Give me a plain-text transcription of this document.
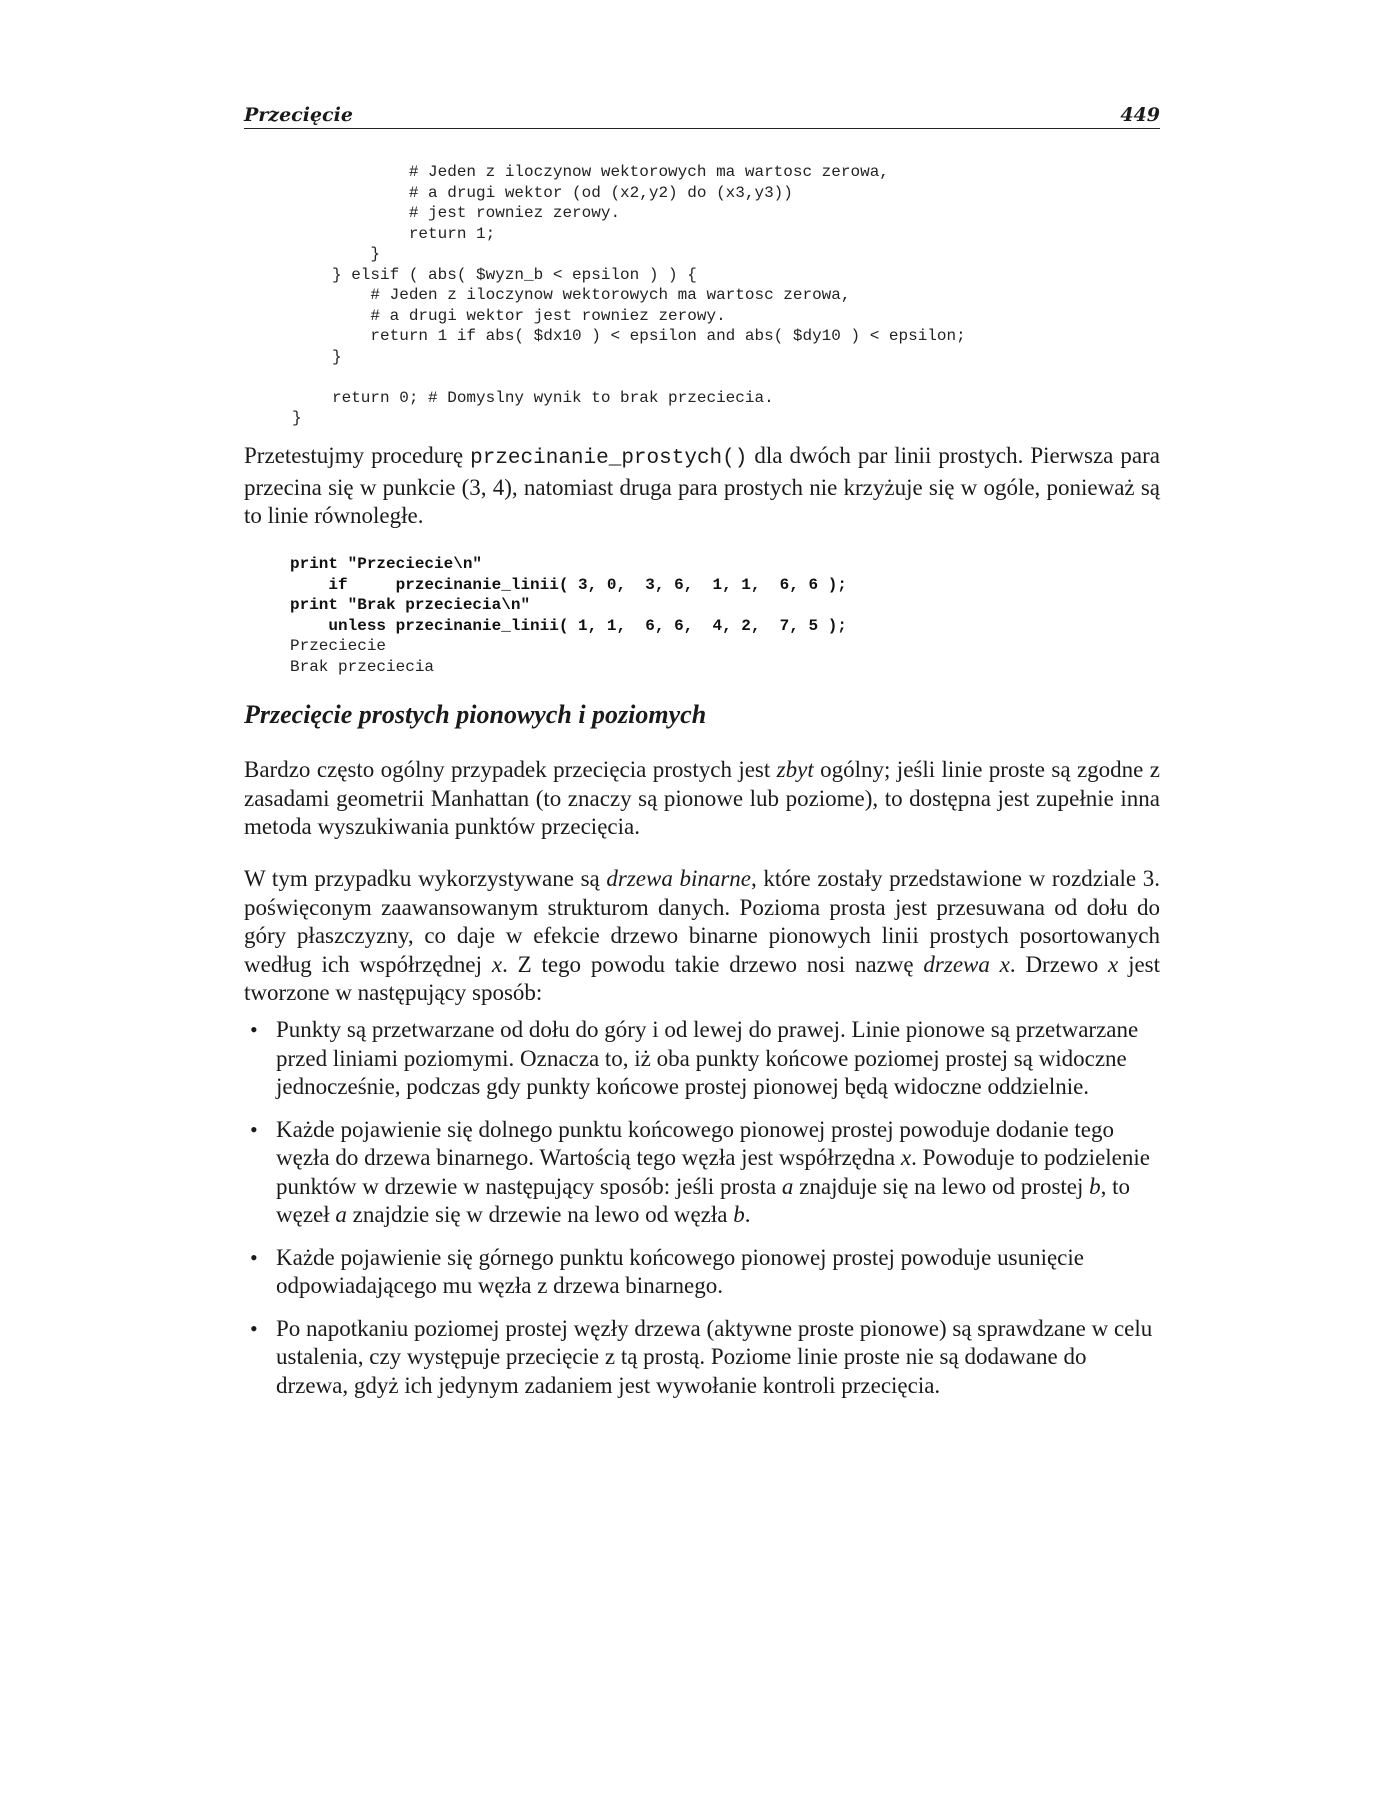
Przecięcie	449
# Jeden z iloczynow wektorowych ma wartosc zerowa,
# a drugi wektor (od (x2,y2) do (x3,y3))
# jest rowniez zerowy.
return 1;
}
} elsif ( abs( $wyzn_b < epsilon ) ) {
# Jeden z iloczynow wektorowych ma wartosc zerowa,
# a drugi wektor jest rowniez zerowy.
return 1 if abs( $dx10 ) < epsilon and abs( $dy10 ) < epsilon;
}

return 0; # Domyslny wynik to brak przeciecia.
}

Przetestujmy procedurę przecinanie_prostych() dla dwóch par linii prostych. Pierwsza para przecina się w punkcie (3, 4), natomiast druga para prostych nie krzyżuje się w ogóle, ponieważ są to linie równoległe.

print "Przeciecie\n"
if     przecinanie_linii( 3, 0,  3, 6,  1, 1,  6, 6 );
print "Brak przeciecia\n"
unless przecinanie_linii( 1, 1,  6, 6,  4, 2,  7, 5 );
Przeciecie
Brak przeciecia
Przecięcie prostych pionowych i poziomych

Bardzo często ogólny przypadek przecięcia prostych jest zbyt ogólny; jeśli linie proste są zgodne z zasadami geometrii Manhattan (to znaczy są pionowe lub poziome), to dostępna jest zupełnie inna metoda wyszukiwania punktów przecięcia.

W tym przypadku wykorzystywane są drzewa binarne, które zostały przedstawione w rozdziale 3. poświęconym zaawansowanym strukturom danych. Pozioma prosta jest przesuwana od dołu do góry płaszczyzny, co daje w efekcie drzewo binarne pionowych linii prostych posortowanych według ich współrzędnej x. Z tego powodu takie drzewo nosi nazwę drzewa x. Drzewo x jest tworzone w następujący sposób:

• Punkty są przetwarzane od dołu do góry i od lewej do prawej. Linie pionowe są przetwarzane przed liniami poziomymi. Oznacza to, iż oba punkty końcowe poziomej prostej są widoczne jednocześnie, podczas gdy punkty końcowe prostej pionowej będą widoczne oddzielnie.
• Każde pojawienie się dolnego punktu końcowego pionowej prostej powoduje dodanie tego węzła do drzewa binarnego. Wartością tego węzła jest współrzędna x. Powoduje to podzielenie punktów w drzewie w następujący sposób: jeśli prosta a znajduje się na lewo od prostej b, to węzeł a znajdzie się w drzewie na lewo od węzła b.
• Każde pojawienie się górnego punktu końcowego pionowej prostej powoduje usunięcie odpowiadającego mu węzła z drzewa binarnego.
• Po napotkaniu poziomej prostej węzły drzewa (aktywne proste pionowe) są sprawdzane w celu ustalenia, czy występuje przecięcie z tą prostą. Poziome linie proste nie są dodawane do drzewa, gdyż ich jedynym zadaniem jest wywołanie kontroli przecięcia.
